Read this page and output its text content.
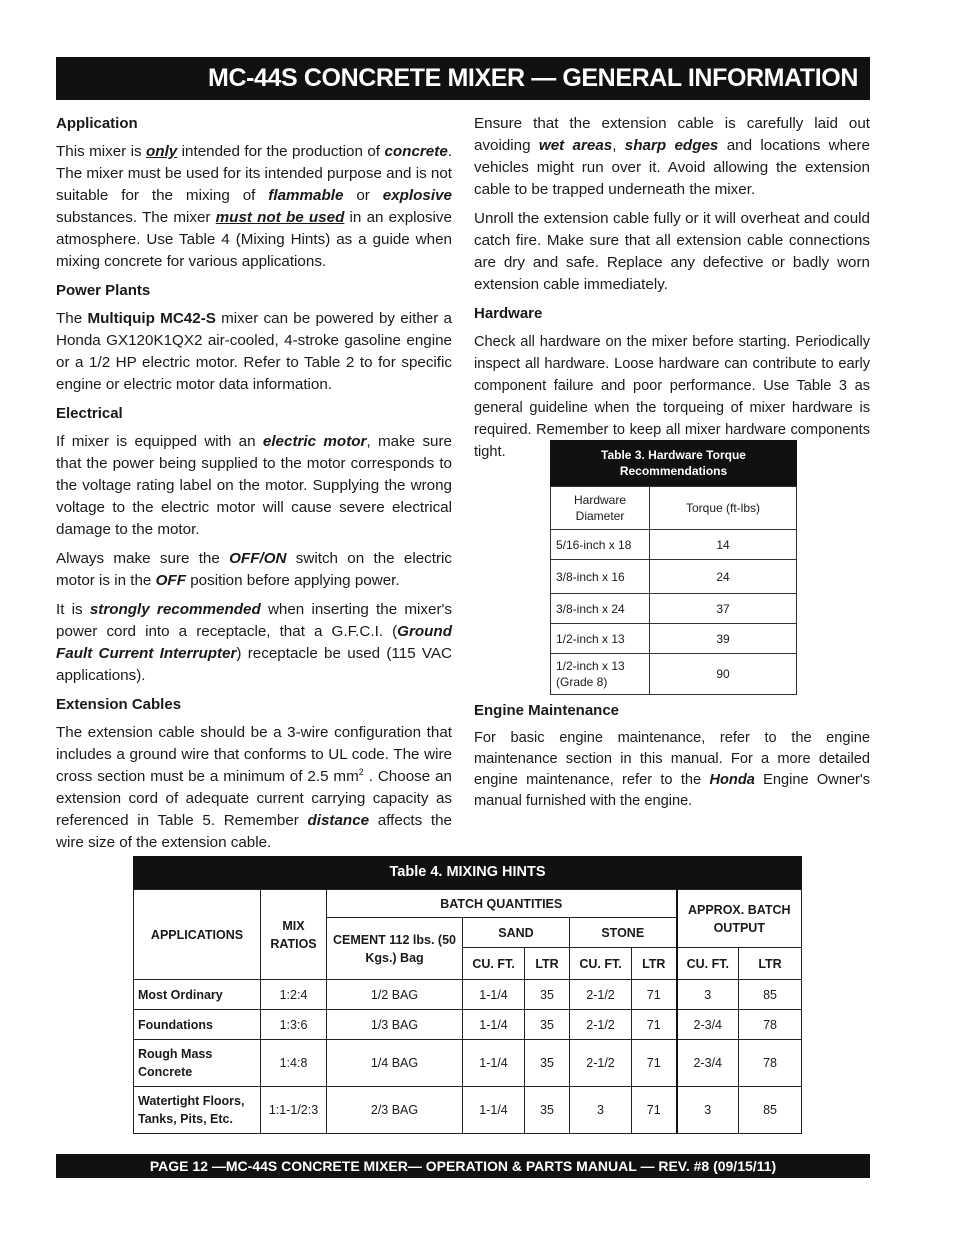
MC-44S CONCRETE MIXER — GENERAL INFORMATION
Application

This mixer is only intended for the production of concrete. The mixer must be used for its intended purpose and is not suitable for the mixing of flammable or explosive substances. The mixer must not be used in an explosive atmosphere. Use Table 4 (Mixing Hints) as a guide when mixing concrete for various applications.

Power Plants

The Multiquip MC42-S mixer can be powered by either a Honda GX120K1QX2 air-cooled, 4-stroke gasoline engine or a 1/2 HP electric motor. Refer to Table 2 to for specific engine or electric motor data information.

Electrical

If mixer is equipped with an electric motor, make sure that the power being supplied to the motor corresponds to the voltage rating label on the motor. Supplying the wrong voltage to the electric motor will cause severe electrical damage to the motor.

Always make sure the OFF/ON switch on the electric motor is in the OFF position before applying power.

It is strongly recommended when inserting the mixer's power cord into a receptacle, that a G.F.C.I. (Ground Fault Current Interrupter) receptacle be used (115 VAC applications).

Extension Cables

The extension cable should be a 3-wire configuration that includes a ground wire that conforms to UL code. The wire cross section must be a minimum of 2.5 $mm^2$ . Choose an extension cord of adequate current carrying capacity as referenced in Table 5. Remember distance affects the wire size of the extension cable.

Ensure that the extension cable is carefully laid out avoiding wet areas, sharp edges and locations where vehicles might run over it. Avoid allowing the extension cable to be trapped underneath the mixer.

Unroll the extension cable fully or it will overheat and could catch fire. Make sure that all extension cable connections are dry and safe. Replace any defective or badly worn extension cable immediately.

Hardware

Check all hardware on the mixer before starting. Periodically inspect all hardware. Loose hardware can contribute to early component failure and poor performance. Use Table 3 as general guideline when the torqueing of mixer hardware is required. Remember to keep all mixer hardware components tight.	Table 3. Hardware Torque Recommendations
Hardware Diameter	Torque (ft-lbs)
5/16-inch x 18	14
3/8-inch x 16	24
3/8-inch x 24	37
1/2-inch x 13	39
1/2-inch x 13 (Grade 8)	90
Engine Maintenance

For basic engine maintenance, refer to the engine maintenance section in this manual. For a more detailed engine maintenance, refer to the Honda Engine Owner's manual furnished with the engine.

Table 4. MIXING HINTS
APPLICATIONS	MIX RATIOS	BATCH QUANTITIES					APPROX. BATCH OUTPUT	
		CEMENT 112 lbs. (50 Kgs.) Bag	SAND		STONE			
			CU. FT.	LTR	CU. FT.	LTR	CU. FT.	LTR
Most Ordinary	1:2:4	1/2 BAG	1-1/4	35	2-1/2	71	3	85
Foundations	1:3:6	1/3 BAG	1-1/4	35	2-1/2	71	2-3/4	78
Rough Mass Concrete	1:4:8	1/4 BAG	1-1/4	35	2-1/2	71	2-3/4	78
Watertight Floors, Tanks, Pits, Etc.	1:1-1/2:3	2/3 BAG	1-1/4	35	3	71	3	85
PAGE 12 —MC-44S CONCRETE MIXER— OPERATION & PARTS MANUAL — REV. #8 (09/15/11)
